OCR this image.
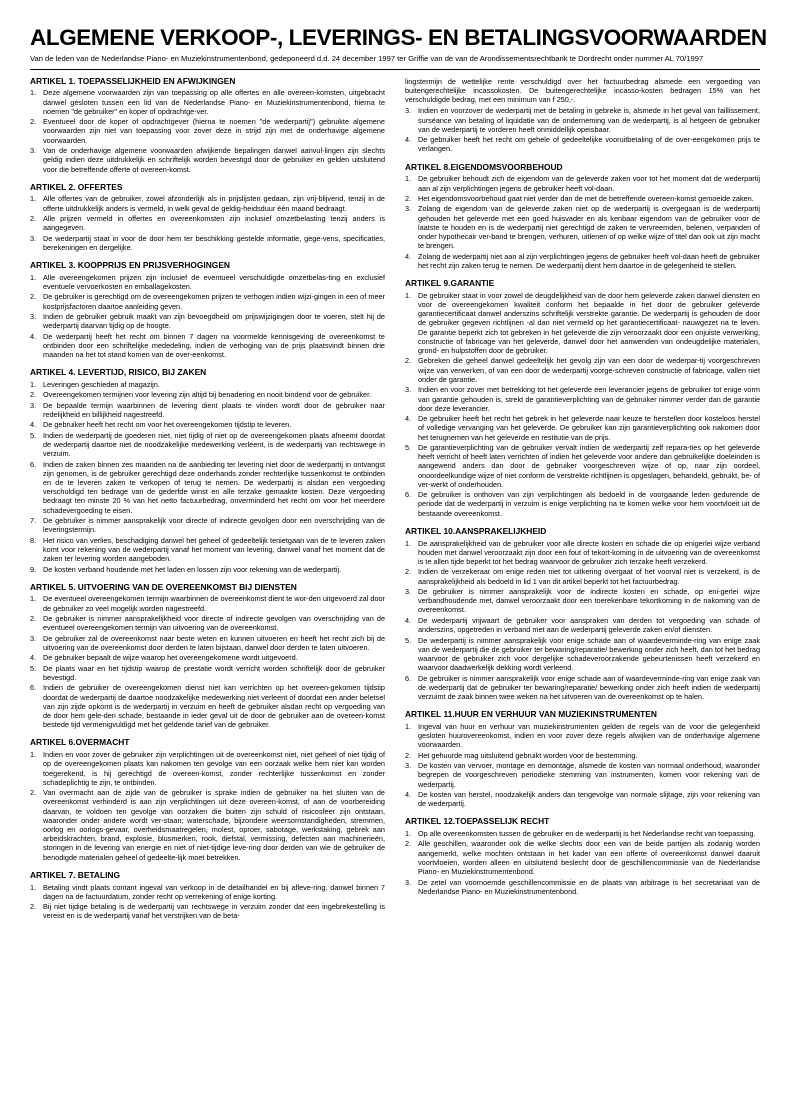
ALGEMENE VERKOOP-, LEVERINGS- EN BETALINGSVOORWAARDEN
Van de leden van de Nederlandse Piano- en Muziekinstrumentenbond, gedeponeerd d.d. 24 december 1997 ter Griffie van de van de Arondissementsrechtbank te Dordrecht onder nummer AL 70/1997
ARTIKEL 1. TOEPASSELIJKHEID EN AFWIJKINGEN
Deze algemene voorwaarden zijn van toepassing op alle offertes en alle overeen-komsten, uitgebracht danwel gesloten tussen een lid van de Nederlandse Piano- en Muziekinstrumentenbond, hierna te noemen "de gebruiker" en koper of opdrachtge-ver.
Eventueel door de koper of opdrachtgever (hierna te noemen "de wederpartij") gebruikte algemene voorwaarden zijn niet van toepassing voor zover deze in strijd zijn met de onderhavige algemene voorwaarden.
Van de onderhavige algemene voorwaarden afwijkende bepalingen danwel aanvul-lingen zijn slechts geldig indien deze uitdrukkelijk en schriftelijk worden bevestigd door de gebruiker en gelden uitsluitend voor die betreffende offerte of overeen-komst.
ARTIKEL 2. OFFERTES
Alle offertes van de gebruiker, zowel afzonderlijk als in prijslijsten gedaan, zijn vrij-blijvend, tenzij in de offerte uitdrukkelijk anders is vermeld, in welk geval de geldig-heidsduur één maand bedraagt.
Alle prijzen vermeld in offertes en overeenkomsten zijn inclusief omzetbelasting tenzij anders is aangegeven.
De wederpartij staat in voor de door hem ter beschikking gestelde informatie, gege-vens, specificaties, berekeningen en dergelijke.
ARTIKEL 3. KOOPPRIJS EN PRIJSVERHOGINGEN
Alle overeengekomen prijzen zijn inclusief de eventueel verschuldigde omzetbelas-ting en exclusief eventuele vervoerkosten en emballagekosten.
De gebruiker is gerechtigd om de overeengekomen prijzen te verhogen indien wijzi-gingen in een of meer kostprijsfactoren daartoe aanleiding geven.
Indien de gebruiker gebruik maakt van zijn bevoegdheid om prijswijzigingen door te voeren, stelt hij de wederpartij daarvan tijdig op de hoogte.
De wederpartij heeft het recht om binnen 7 dagen na voormelde kennisgeving de overeenkomst te ontbinden door een schriftelijke mededeling, indien de verhoging van de prijs plaatsvindt binnen drie maanden na het tot stand komen van de over-eenkomst.
ARTIKEL 4. LEVERTIJD, RISICO, BIJ ZAKEN
Leveringen geschieden af magazijn.
Overeengekomen termijnen voor levering zijn altijd bij benadering en nooit bindend voor de gebruiker.
De bepaalde termijn waarbinnen de levering dient plaats te vinden wordt door de gebruiker naar redelijkheid en billijkheid nagestreefd.
De gebruiker heeft het recht om voor het overeengekomen tijdstip te leveren.
Indien de wederpartij de goederen niet, niet tijdig of niet op de overeengekomen plaats afneemt doordat de wederpartij daartoe niet de noodzakelijke medewerking verleent, is de wederpartij van rechtswege in verzuim.
Indien de zaken binnen zes maanden na de aanbieding ter levering niet door de wederpartij in ontvangst zijn genomen, is de gebruiker gerechtigd deze onderhands zonder rechterlijke tussenkomst te ontbinden en de te leveren zaken te verkopen of terug te nemen. De wederpartij is alsdan een vergoeding verschuldigd ten bedrage van de gederfde winst en alle terzake gemaakte kosten. Deze vergoeding bedraagt ten minste 20 % van het netto factuurbedrag, onverminderd het recht om voor het meerdere schadevergoeding te eisen.
De gebruiker is nimmer aansprakelijk voor directe of indirecte gevolgen door een overschrijding van de leveringstermijn.
Het risico van verlies, beschadiging danwel het geheel of gedeeltelijk tenietgaan van de te leveren zaken komt voor rekening van de wederpartij vanaf het moment van levering, danwel vanaf het moment dat de zaken ter levering worden aangeboden.
De kosten verband houdende met het laden en lossen zijn voor rekening van de wederpartij.
ARTIKEL 5. UITVOERING VAN DE OVEREENKOMST BIJ DIENSTEN
De eventueel overeengekomen termijn waarbinnen de overeenkomst dient te wor-den uitgevoerd zal door de gebruiker zo veel mogelijk worden nagestreefd.
De gebruiker is nimmer aansprakelijkheid voor directe of indirecte gevolgen van overschrijding van de eventueel overeengekomen termijn van uitvoering van de overeenkomst.
De gebruiker zal de overeenkomst naar beste weten en kunnen uitvoeren en heeft het recht zich bij de uitvoering van de overeenkomst door derden te laten bijstaan, danwel door derden te laten uitvoeren.
De gebruiker bepaalt de wijze waarop het overeengekomene wordt uitgevoerd.
De plaats waar en het tijdstip waarop de prestatie wordt verricht worden schriftelijk door de gebruiker bevestigd.
Indien de gebruiker de overeengekomen dienst niet kan verrichten op het overeen-gekomen tijdstip doordat de wederpartij de daartoe noodzakelijke medewerking niet verleent of doordat een ander beletsel van zijn zijde opkomt is de wederpartij in verzuim en heeft de gebruiker alsdan recht op vergoeding van de door hem gele-den schade, bestaande in ieder geval uit de door de gebruiker aan de overeen-komst bestede tijd vermenigvuldigd met het geldende tarief van de gebruiker.
ARTIKEL 6.OVERMACHT
Indien en voor zover de gebruiker zijn verplichtingen uit de overeenkomst niet, niet geheel of niet tijdig of op de overeengekomen plaats kan nakomen ten gevolge van een oorzaak welke hem niet kan worden toegerekend, is hij gerechtigd de overeen-komst, zonder rechterlijke tussenkomst en zonder schadeplichtig te zijn, te ontbinden.
Van overmacht aan de zijde van de gebruiker is sprake indien de gebruiker na het sluiten van de overeenkomst verhinderd is aan zijn verplichtingen uit deze overeen-komst, of aan de voorbereiding daarvan, te voldoen ten gevolge van oorzaken die buiten zijn schuld of risicosfeer zijn ontstaan, waaronder onder andere wordt ver-staan; waterschade, bijzondere weersomstandigheden, stremmen, oorlog en oorlogs-gevaar, overheidsmaatregelen, molest, oproer, sabotage, werkstaking, gebrek aan arbeidskrachten, brand, explosie, blusmerken, rook, diefstal, vermissing, defecten aan machinerieën, storingen in de levering van energie en niet of niet-tijdige leve-ring door derden van wie de gebruiker de benodigde materialen geheel of gedeelte-lijk moet betrekken.
ARTIKEL 7. BETALING
Betaling vindt plaats contant ingeval van verkoop in de detailhandel en bij afleve-ring, danwel binnen 7 dagen na de factuurdatum, zonder recht op verrekening of enige korting.
Bij niet tijdige betaling is de wederpartij van rechtswege in verzuim zonder dat een ingebrekestelling is vereist en is de wederpartij vanaf het verstrijken van de beta-
lingstermijn de wettelijke rente verschuldigd over het factuurbedrag alsmede een vergoeding van buitengerechtelijke incassokosten. De buitengerechtelijke incasso-kosten bedragen 15% van het verschuldigde bedrag, met een minimum van f 250,-.
Indien en voorzover de wederpartij met de betaling in gebreke is, alsmede in het geval van faillissement, surséance van betaling of liquidatie van de onderneming van de wederpartij, is al hetgeen de gebruiker van de wederpartij te vorderen heeft onmiddellijk opeisbaar.
De gebruiker heeft het recht om gehele of gedeeltelijke vooruitbetaling of de over-eengekomen prijs te verlangen.
ARTIKEL 8.EIGENDOMSVOORBEHOUD
De gebruiker behoudt zich de eigendom van de geleverde zaken voor tot het moment dat de wederpartij aan al zijn verplichtingen jegens de gebruiker heeft vol-daan.
Het eigendomsvoorbehoud gaat niet verder dan de met de betreffende overeen-komst gemoeide zaken.
Zolang de eigendom van de geleverde zaken niet op de wederpartij is overgegaan is de wederpartij gehouden het geleverde met een goed huisvader en als kenbaar eigendom van de gebruiker voor de laatste te houden en is de wederpartij niet gerechtigd de zaken te vervreemden, belenen, verpanden of onder hypothecair ver-band te brengen, verhuren, uitlenen of op welke wijze of titel dan ook uit zijn macht te brengen.
Zolang de wederpartij niet aan al zijn verplichtingen jegens de gebruiker heeft vol-daan heeft de gebruiker het recht zijn zaken terug te nemen. De wederpartij dient hem daartoe in de gelegenheid te stellen.
ARTIKEL 9.GARANTIE
De gebruiker staat in voor zowel de deugdelijkheid van de door hem geleverde zaken danwel diensten en voor de overeengekomen kwaliteit conform het bepaalde in het door de gebruiker geleverde garantiecertificaat danwel anderszins schriftelijk verstrekte garantie. De wederpartij is gehouden de door de gebruiker gegeven richtlijnen -al dan niet vermeld op het garantiecertificaat- nauwgezet na te leven. De garantie beperkt zich tot gebreken in het geleverde die zijn veroorzaakt door een onjuiste verwerking, constructie of fabricage van het geleverde, danwel door het aanwenden van ondeugdelijke materialen, grond- en hulpstoffen door de gebruiker.
Gebreken die geheel danwel gedeeltelijk het gevolg zijn van een door de wederpar-tij voorgeschreven wijze van verwerken, of van een door de wederpartij voorge-schreven constructie of fabricage, vallen niet onder de garantie.
Indien en voor zover met betrekking tot het geleverde een leverancier jegens de gebruiker tot enige vorm van garantie gehouden is, strekt de garantieverplichting van de gebruiker nimmer verder dan de garantie door deze leverancier.
De gebruiker heeft het recht het gebrek in het geleverde naar keuze te herstellen door kosteloos herstel of volledige vervanging van het geleverde. De gebruiker kan zijn garantieverplichting ook nakomen door het terugnemen van het geleverde en restitutie van de prijs.
De garantieverplichting van de gebruiker vervalt indien de wederpartij zelf repara-ties op het geleverde heeft verricht of heeft laten verrichten of indien het geleverde voor andere dan gebruikelijke doeleinden is aangewend anders dan door de gebruiker voorgeschreven wijze of op, naar zijn oordeel, onoordeelkundige wijze of niet conform de verstrekte richtlijnen is opgeslagen, behandeld, gebruikt, be- of ver-werkt of onderhouden.
De gebruiker is onthoven van zijn verplichtingen als bedoeld in de voorgaande leden gedurende de periode dat de wederpartij in verzuim is enige verplichting na te komen welke voor hem voortvloeit uit de bestaande overeenkomst.
ARTIKEL 10.AANSPRAKELIJKHEID
De aansprakelijkheid van de gebruiker voor alle directe kosten en schade die op enigerlei wijze verband houden met danwel veroorzaakt zijn door een fout of tekort-koming in de uitvoering van de overeenkomst is te allen tijde beperkt tot het bedrag waarvoor de gebruiker zich terzake heeft verzekerd.
Indien de verzekeraar om enige reden niet tot uitkering overgaat of het voorval niet is verzekerd, is de aansprakelijkheid als bedoeld in lid 1 van dit artikel beperkt tot het factuurbedrag.
De gebruiker is nimmer aansprakelijk voor de indirecte kosten en schade, op eni-gerlei wijze verbandhoudende met, danwel veroorzaakt door een toerekenbare tekortkoming in de nakoming van de overeenkomst.
De wederpartij vrijwaart de gebruiker voor aanspraken van derden tot vergoeding van schade of anderszins, opgetreden in verband met aan de wederpartij geleverde zaken en/of diensten.
De wederpartij is nimmer aansprakelijk voor enige schade aan of waardeverminde-ring van enige zaak van de wederpartij die de gebruiker ter bewaring/reparatie/ bewerking onder zich heeft, dan tot het bedrag waarvoor de gebruiker zich voor dergelijke schadeveroorzakende gebeurtenissen heeft verzekerd en waarvoor daadwerkelijk dekking wordt verleend.
De gebruiker is nimmer aansprakelijk voor enige schade aan of waardeverminde-ring van enige zaak van de wederpartij dat de gebruiker ter bewaring/reparatie/ bewerking onder zich heeft indien de wederpartij verzuimt de zaak binnen twee weken na het uitvoeren van de overeenkomst op te halen.
ARTIKEL 11.HUUR EN VERHUUR VAN MUZIEKINSTRUMENTEN
Ingeval van huur en verhuur van muziekinstrumenten gelden de regels van de voor die gelegenheid gesloten huurovereenkomst, indien en voor zover deze regels afwijken van de onderhavige algemene voorwaarden.
Het gehuurde mag uitsluitend gebruikt worden voor de bestemming.
De kosten van vervoer, montage en demontage, alsmede de kosten van normaal onderhoud, waaronder begrepen de voorgeschreven periodieke stemming van instrumenten, komen voor rekening van de wederpartij.
De kosten van herstel, noodzakelijk anders dan tengevolge van normale slijtage, zijn voor rekening van de wederpartij.
ARTIKEL 12.TOEPASSELIJK RECHT
Op alle overeenkomsten tussen de gebruiker en de wederpartij is het Nederlandse recht van toepassing.
Alle geschillen, waaronder ook die welke slechts door een van de beide partijen als zodanig worden aangemerkt, welke mochten ontstaan in het kader van een offerte of overeenkomst danwel daaruit voortvloeien, worden alleen en uitsluitend beslecht door de geschillencommissie van de Nederlandse Piano- en Muziekinstrumentenbond.
De zetel van voornoemde geschillencommissie en de plaats van arbitrage is het secretariaat van de Nederlandse Piano- en Muziekinstrumentenbond.
